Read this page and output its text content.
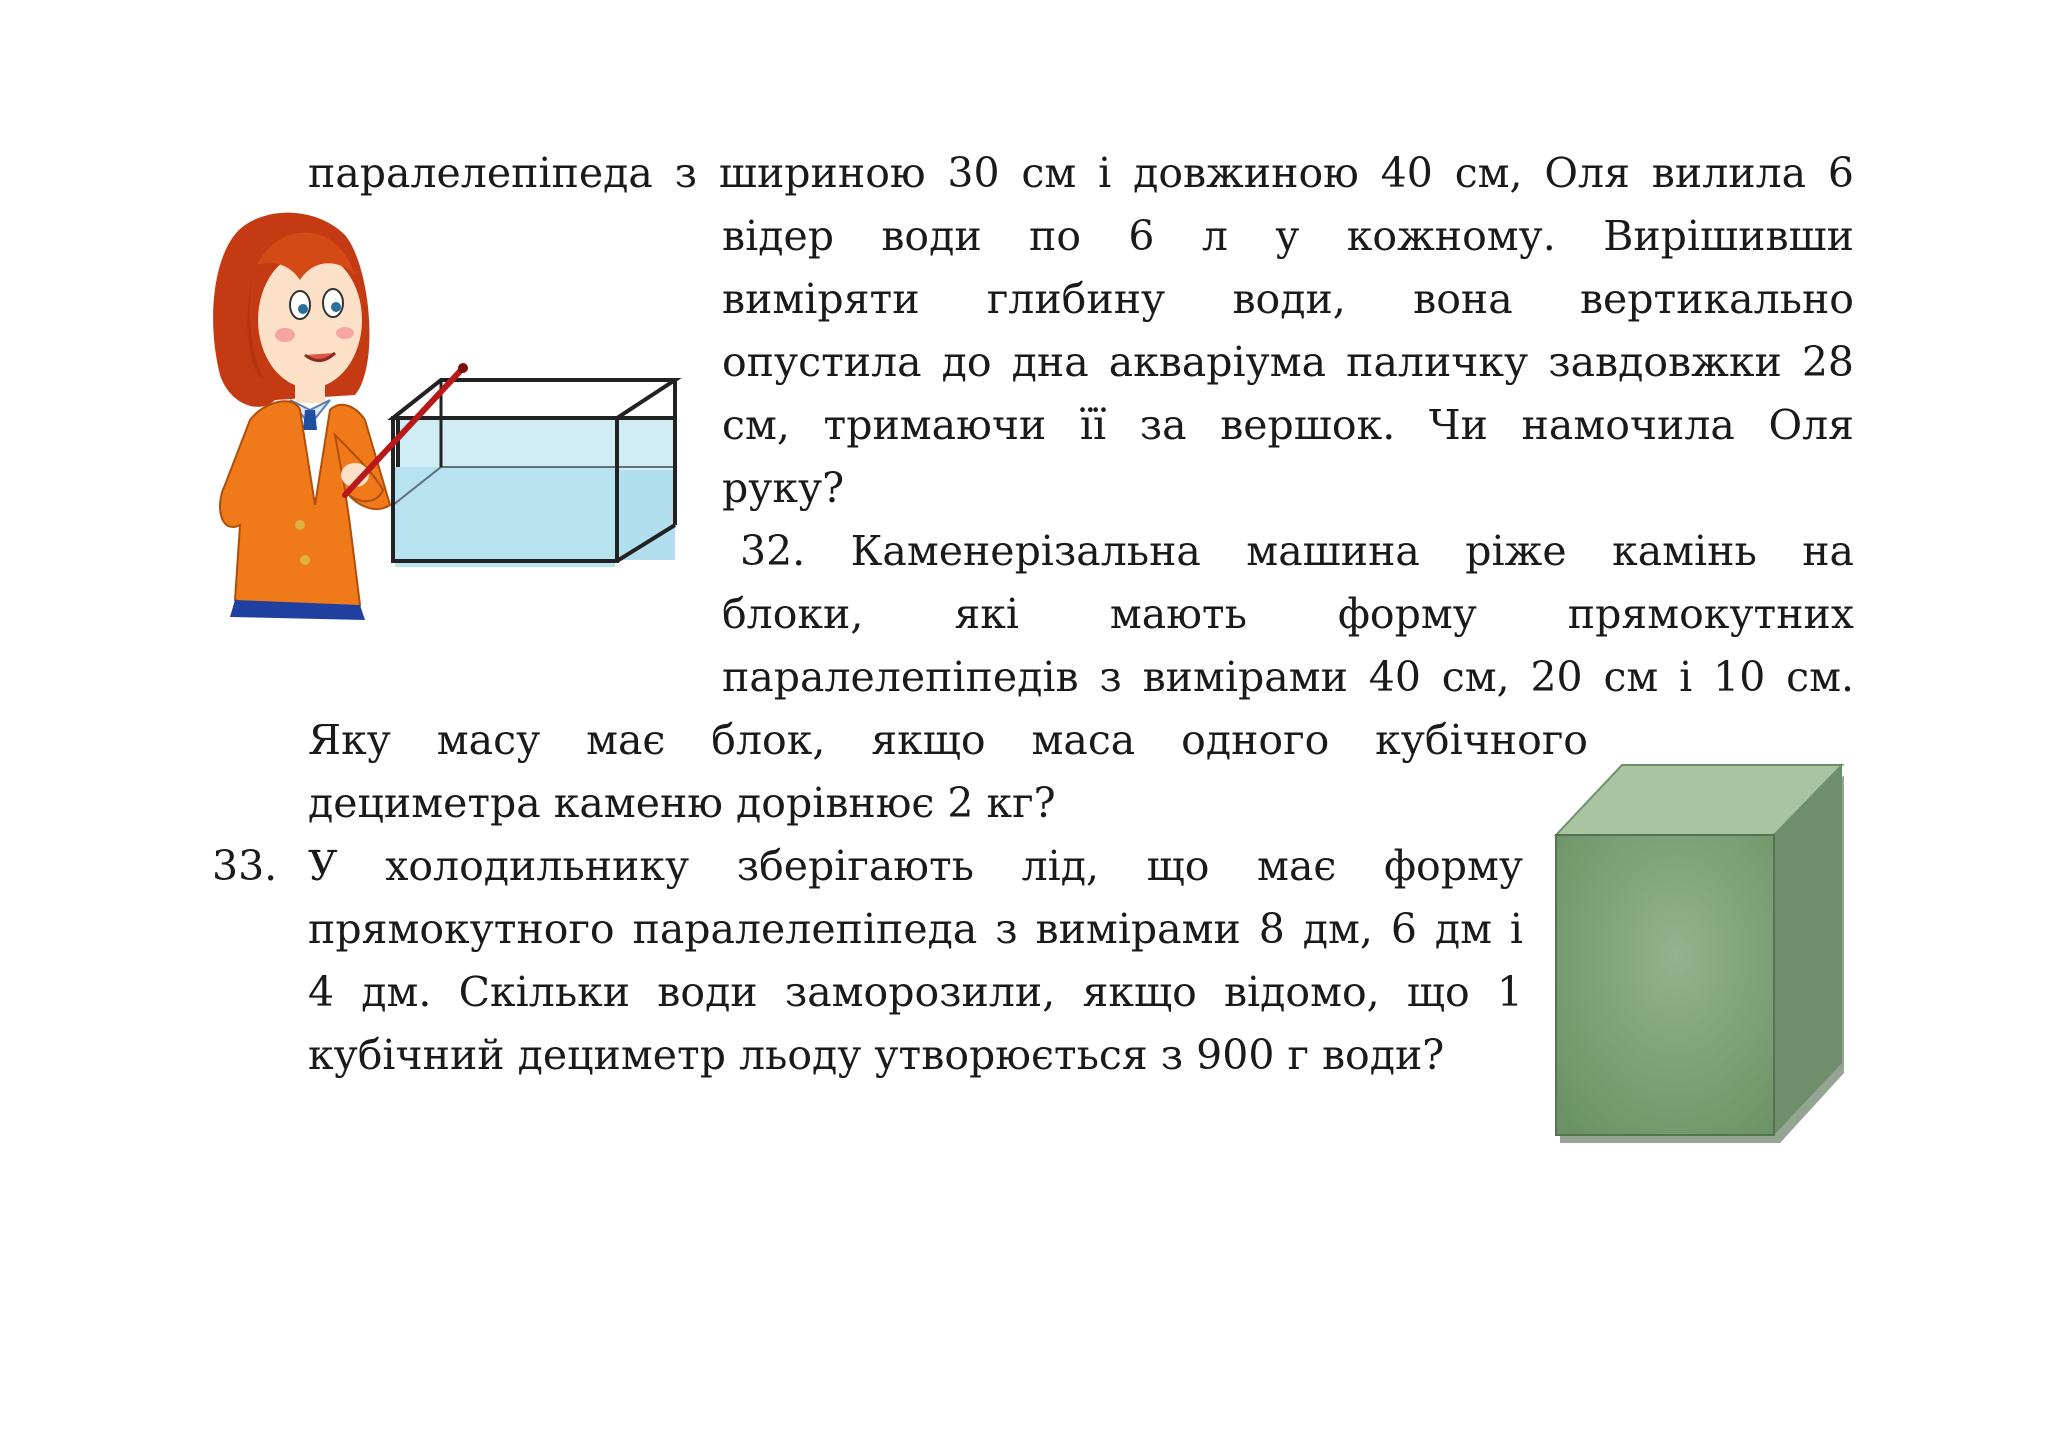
паралелепіпеда з шириною 30 см і довжиною 40 см, Оля вилила 6
відер води по 6 л у кожному. Вирішивши
виміряти глибину води, вона вертикально
опустила до дна акваріума паличку завдовжки 28
см, тримаючи її за вершок. Чи намочила Оля
руку?
32. Каменерізальна машина ріже камінь на
блоки, які мають форму прямокутних
паралелепіпедів з вимірами 40 см, 20 см і 10 см.
Яку масу має блок, якщо маса одного кубічного
дециметра каменю дорівнює 2 кг?
33. У холодильнику зберігають лід, що має форму
прямокутного паралелепіпеда з вимірами 8 дм, 6 дм і
4 дм. Скільки води заморозили, якщо відомо, що 1
кубічний дециметр льоду утворюється з 900 г води?
